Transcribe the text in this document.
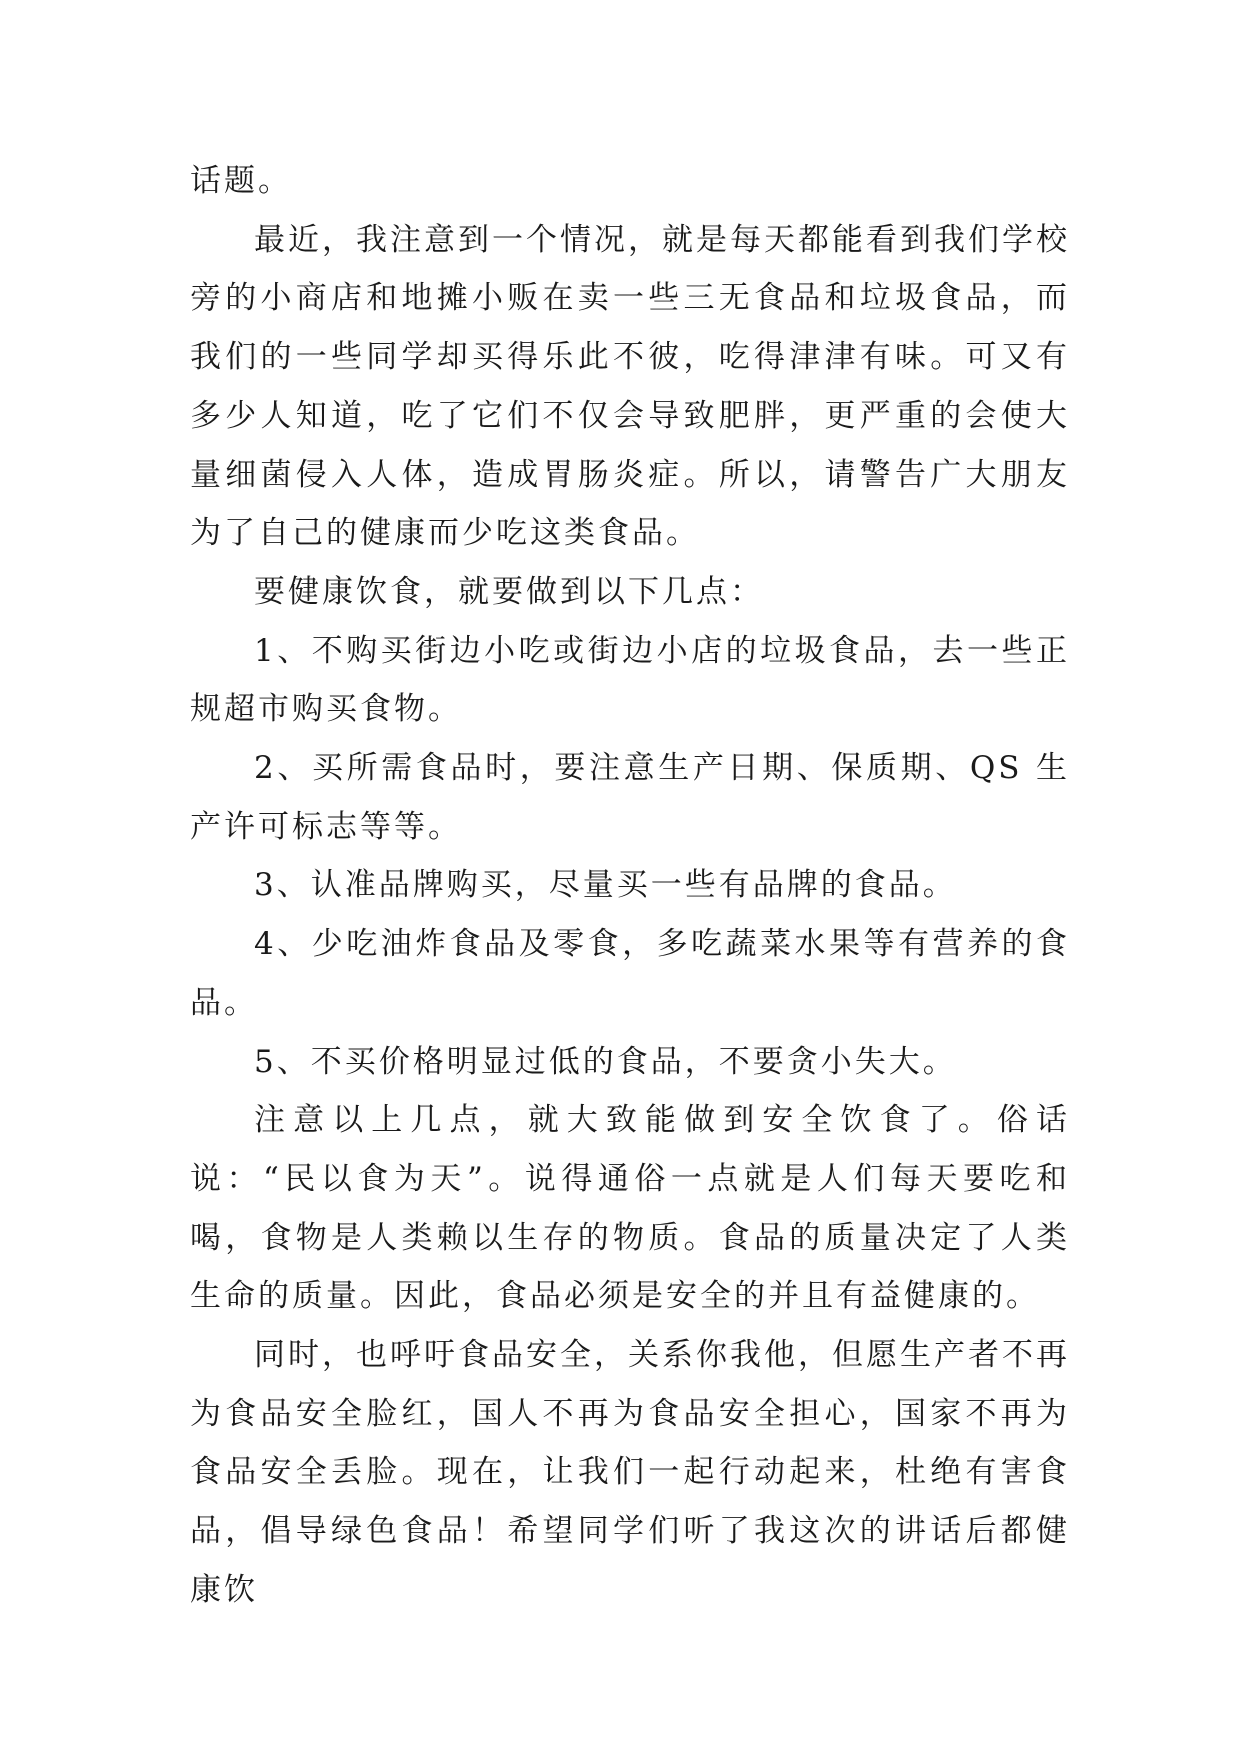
话题。

最近，我注意到一个情况，就是每天都能看到我们学校旁的小商店和地摊小贩在卖一些三无食品和垃圾食品，而我们的一些同学却买得乐此不彼，吃得津津有味。可又有多少人知道，吃了它们不仅会导致肥胖，更严重的会使大量细菌侵入人体，造成胃肠炎症。所以，请警告广大朋友为了自己的健康而少吃这类食品。

要健康饮食，就要做到以下几点：

1、不购买街边小吃或街边小店的垃圾食品，去一些正规超市购买食物。

2、买所需食品时，要注意生产日期、保质期、QS 生产许可标志等等。

3、认准品牌购买，尽量买一些有品牌的食品。

4、少吃油炸食品及零食，多吃蔬菜水果等有营养的食品。

5、不买价格明显过低的食品，不要贪小失大。

注意以上几点，就大致能做到安全饮食了。俗话说：“民以食为天”。说得通俗一点就是人们每天要吃和喝，食物是人类赖以生存的物质。食品的质量决定了人类生命的质量。因此，食品必须是安全的并且有益健康的。

同时，也呼吁食品安全，关系你我他，但愿生产者不再为食品安全脸红，国人不再为食品安全担心，国家不再为食品安全丢脸。现在，让我们一起行动起来，杜绝有害食品，倡导绿色食品！希望同学们听了我这次的讲话后都健康饮
